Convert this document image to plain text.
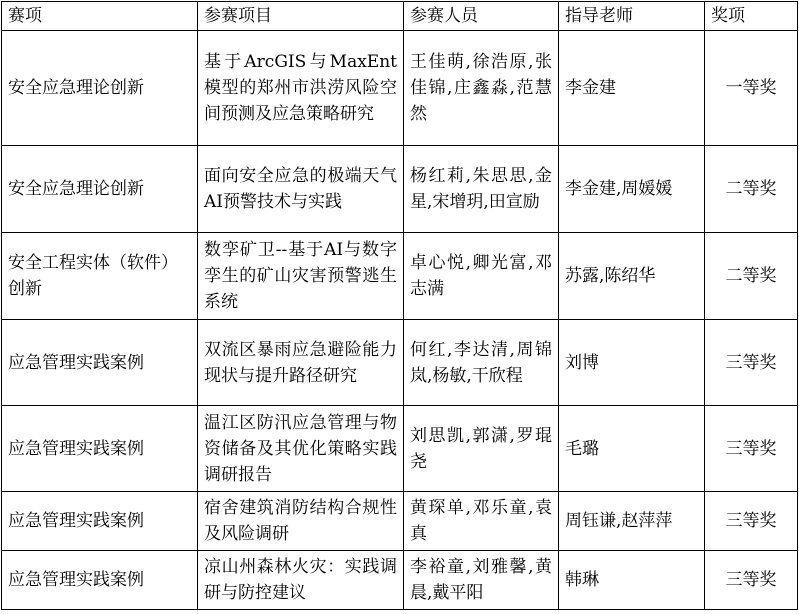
赛项	参赛项目	参赛人员	指导老师	奖项
安全应急理论创新	基于ArcGIS与MaxEnt模型的郑州市洪涝风险空间预测及应急策略研究	王佳萌,徐浩原,张佳锦,庄鑫淼,范慧然	李金建	一等奖
安全应急理论创新	面向安全应急的极端天气AI预警技术与实践	杨红莉,朱思思,金星,宋增玥,田宣励	李金建,周媛媛	二等奖
安全工程实体（软件）创新	数孪矿卫--基于AI与数字孪生的矿山灾害预警逃生系统	卓心悦,卿光富,邓志满	苏露,陈绍华	二等奖
应急管理实践案例	双流区暴雨应急避险能力现状与提升路径研究	何红,李达清,周锦岚,杨敏,干欣程	刘博	三等奖
应急管理实践案例	温江区防汛应急管理与物资储备及其优化策略实践调研报告	刘思凯,郭潇,罗琨尧	毛璐	三等奖
应急管理实践案例	宿舍建筑消防结构合规性及风险调研	黄琛单,邓乐童,袁真	周钰谦,赵萍萍	三等奖
应急管理实践案例	凉山州森林火灾：实践调研与防控建议	李裕童,刘雅馨,黄晨,戴平阳	韩琳	三等奖
